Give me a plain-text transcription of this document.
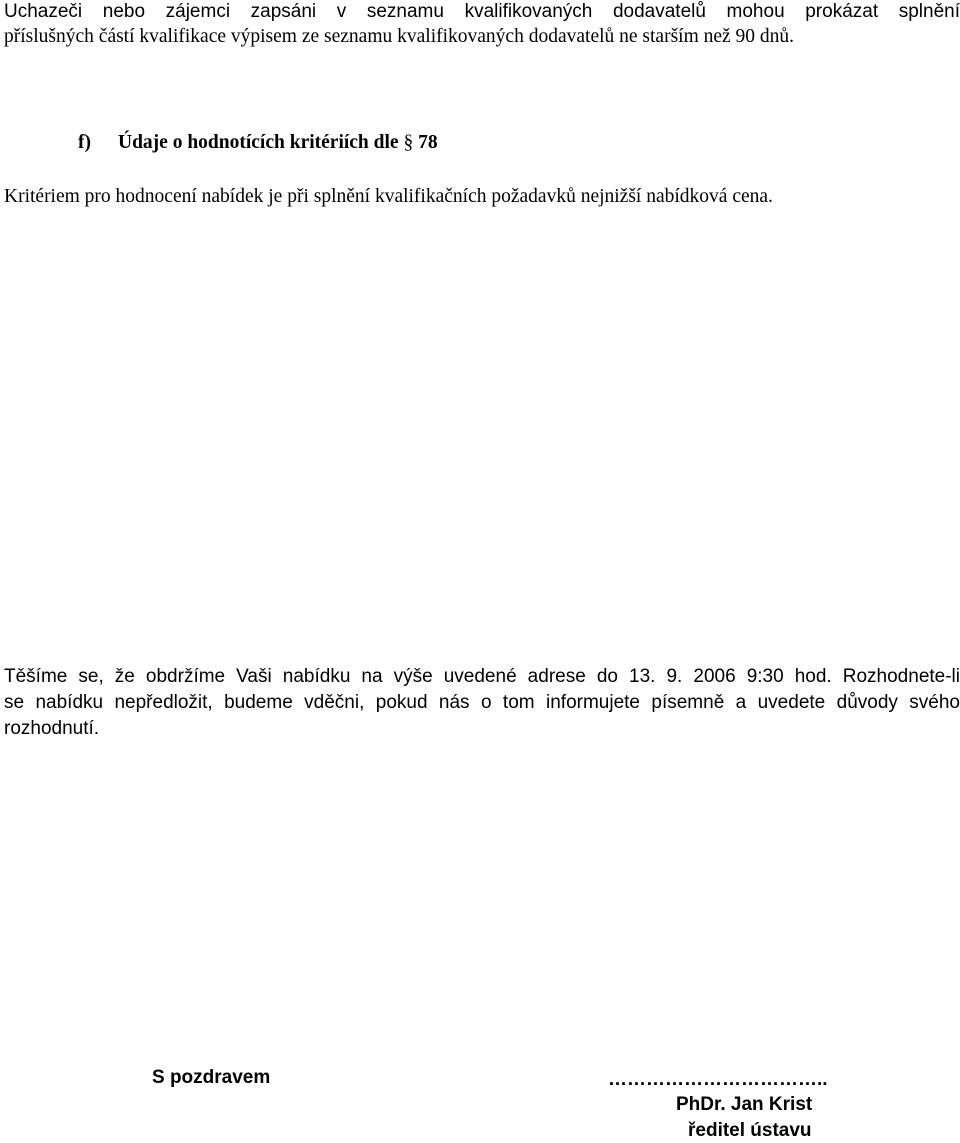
Uchazeči nebo zájemci zapsáni v seznamu kvalifikovaných dodavatelů mohou prokázat splnění

příslušných částí kvalifikace výpisem ze seznamu kvalifikovaných dodavatelů ne starším než 90 dnů.

f) Údaje o hodnotících kritériích dle § 78

Kritériem pro hodnocení nabídek je při splnění kvalifikačních požadavků nejnižší nabídková cena.

Těšíme se, že obdržíme Vaši nabídku na výše uvedené adrese do 13. 9. 2006 9:30 hod. Rozhodnete-li

se nabídku nepředložit, budeme vděčni, pokud nás o tom informujete písemně a uvedete důvody svého

rozhodnutí.

S pozdravem	……………………………..
PhDr. Jan Krist
ředitel ústavu
